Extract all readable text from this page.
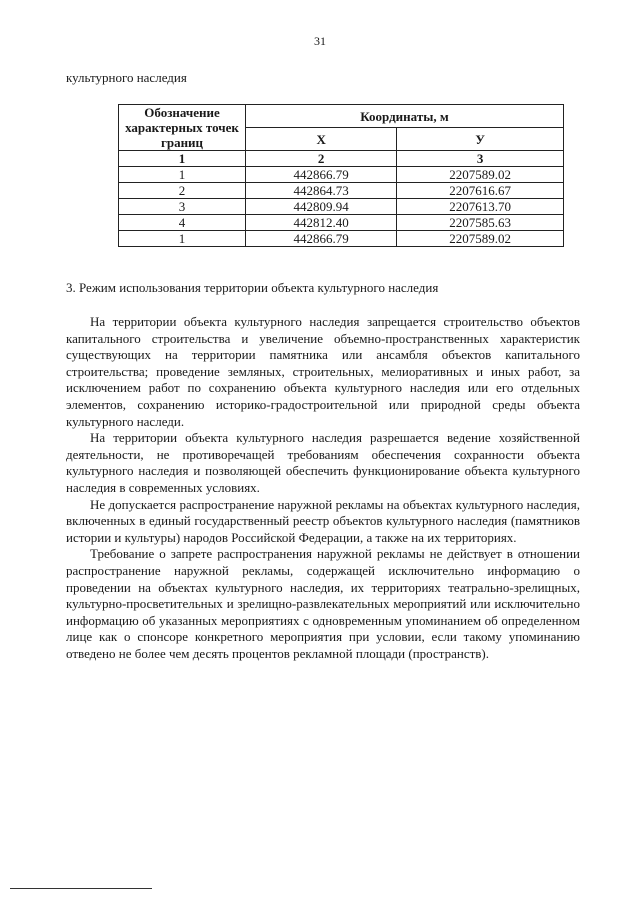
31
культурного наследия
Обозначение характерных точек границ	Координаты, м	
	X	У
1	2	3
1	442866.79	2207589.02
2	442864.73	2207616.67
3	442809.94	2207613.70
4	442812.40	2207585.63
1	442866.79	2207589.02
3. Режим использования территории объекта культурного наследия

На территории объекта культурного наследия запрещается строительство объектов капитального строительства и увеличение объемно-пространственных характеристик существующих на территории памятника или ансамбля объектов капитального строительства; проведение земляных, строительных, мелиоративных и иных работ, за исключением работ по сохранению объекта культурного наследия или его отдельных элементов, сохранению историко-градостроительной или природной среды объекта культурного наследи.

На территории объекта культурного наследия разрешается ведение хозяйственной деятельности, не противоречащей требованиям обеспечения сохранности объекта культурного наследия и позволяющей обеспечить функционирование объекта культурного наследия в современных условиях.

Не допускается распространение наружной рекламы на объектах культурного наследия, включенных в единый государственный реестр объектов культурного наследия (памятников истории и культуры) народов Российской Федерации, а также на их территориях.

Требование о запрете распространения наружной рекламы не действует в отношении распространение наружной рекламы, содержащей исключительно информацию о проведении на объектах культурного наследия, их территориях театрально-зрелищных, культурно-просветительных и зрелищно-развлекательных мероприятий или исключительно информацию об указанных мероприятиях с одновременным упоминанием об определенном лице как о спонсоре конкретного мероприятия при условии, если такому упоминанию отведено не более чем десять процентов рекламной площади (пространств).
